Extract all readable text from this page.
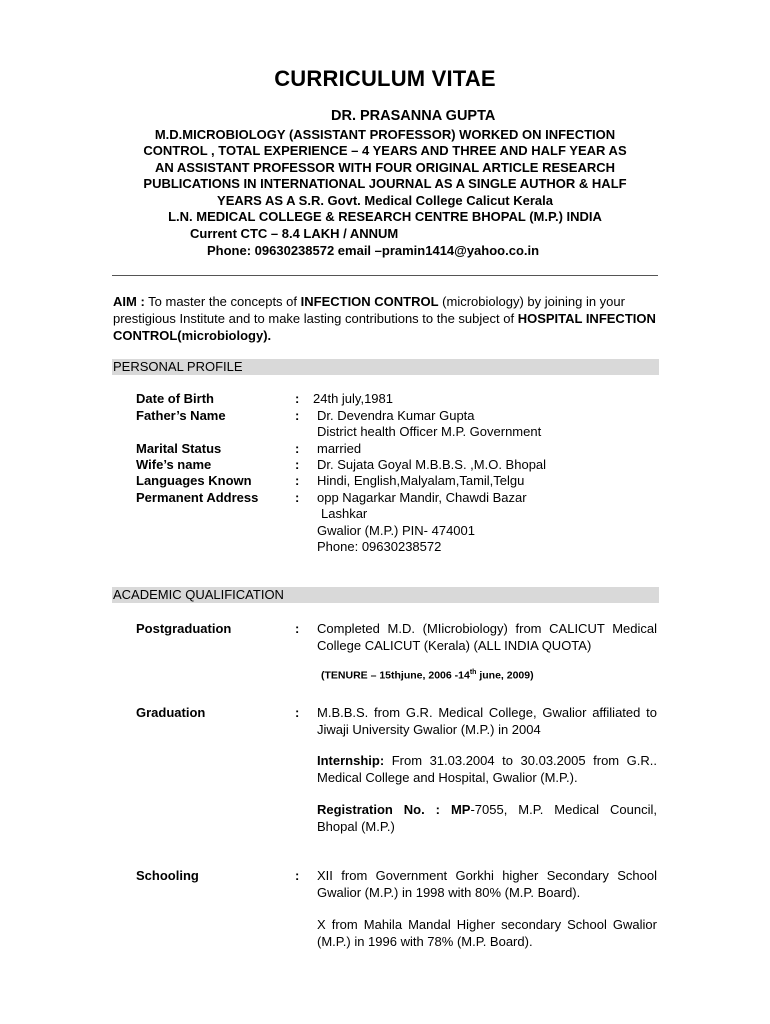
CURRICULUM VITAE
DR. PRASANNA GUPTA
M.D.MICROBIOLOGY (ASSISTANT PROFESSOR) WORKED ON INFECTION
CONTROL , TOTAL EXPERIENCE – 4 YEARS AND THREE AND HALF YEAR AS
AN ASSISTANT PROFESSOR WITH FOUR ORIGINAL ARTICLE RESEARCH
PUBLICATIONS IN INTERNATIONAL JOURNAL AS A SINGLE AUTHOR & HALF
YEARS AS A S.R. Govt. Medical College Calicut Kerala
L.N. MEDICAL COLLEGE & RESEARCH CENTRE BHOPAL (M.P.) INDIA
Current CTC – 8.4 LAKH / ANNUM
Phone: 09630238572 email –pramin1414@yahoo.co.in
AIM : To master the concepts of INFECTION CONTROL (microbiology) by joining in your prestigious Institute and to make lasting contributions to the subject of HOSPITAL INFECTION CONTROL(microbiology).
PERSONAL PROFILE
Date of Birth	: 24th july,1981
Father’s Name	: Dr. Devendra Kumar Gupta
District health Officer M.P. Government
Marital Status	: married
Wife’s name	: Dr. Sujata Goyal M.B.B.S. ,M.O. Bhopal
Languages Known	: Hindi, English,Malyalam,Tamil,Telgu
Permanent Address	: opp Nagarkar Mandir, Chawdi Bazar
Lashkar
Gwalior (M.P.) PIN- 474001
Phone: 09630238572
ACADEMIC QUALIFICATION
Postgraduation	: Completed M.D. (MIicrobiology) from CALICUT Medical College CALICUT (Kerala) (ALL INDIA QUOTA)
(TENURE – 15thjune, 2006 -14th june, 2009)
Graduation	: M.B.B.S. from G.R. Medical College, Gwalior affiliated to Jiwaji University Gwalior (M.P.) in 2004
Internship: From 31.03.2004 to 30.03.2005 from G.R.. Medical College and Hospital, Gwalior (M.P.).
Registration No. : MP-7055, M.P. Medical Council, Bhopal (M.P.)
Schooling	: XII from Government Gorkhi higher Secondary School Gwalior (M.P.) in 1998 with 80% (M.P. Board).
X from Mahila Mandal Higher secondary School Gwalior (M.P.) in 1996 with 78% (M.P. Board).
